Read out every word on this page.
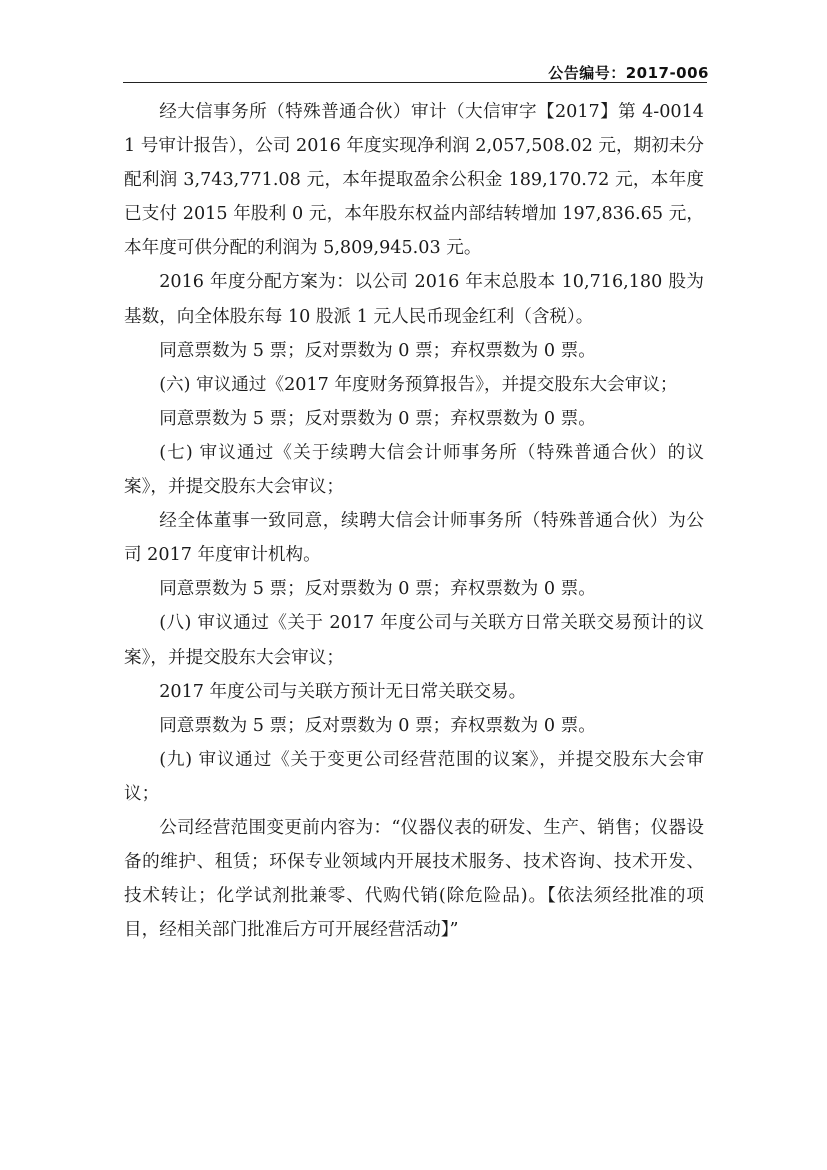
公告编号：2017-006

经大信事务所（特殊普通合伙）审计（大信审字【2017】第 4-00141 号审计报告），公司 2016 年度实现净利润 2,057,508.02 元，期初未分配利润 3,743,771.08 元，本年提取盈余公积金 189,170.72 元，本年度已支付 2015 年股利 0 元，本年股东权益内部结转增加 197,836.65 元，本年度可供分配的利润为 5,809,945.03 元。

2016 年度分配方案为：以公司 2016 年末总股本 10,716,180 股为基数，向全体股东每 10 股派 1 元人民币现金红利（含税）。

同意票数为 5 票；反对票数为 0 票；弃权票数为 0 票。

(六) 审议通过《2017 年度财务预算报告》，并提交股东大会审议；

同意票数为 5 票；反对票数为 0 票；弃权票数为 0 票。

(七) 审议通过《关于续聘大信会计师事务所（特殊普通合伙）的议案》，并提交股东大会审议；

经全体董事一致同意，续聘大信会计师事务所（特殊普通合伙）为公司 2017 年度审计机构。

同意票数为 5 票；反对票数为 0 票；弃权票数为 0 票。

(八) 审议通过《关于 2017 年度公司与关联方日常关联交易预计的议案》，并提交股东大会审议；

2017 年度公司与关联方预计无日常关联交易。

同意票数为 5 票；反对票数为 0 票；弃权票数为 0 票。

(九) 审议通过《关于变更公司经营范围的议案》，并提交股东大会审议；

公司经营范围变更前内容为：“仪器仪表的研发、生产、销售；仪器设备的维护、租赁；环保专业领域内开展技术服务、技术咨询、技术开发、技术转让；化学试剂批兼零、代购代销(除危险品)。【依法须经批准的项目，经相关部门批准后方可开展经营活动】”
